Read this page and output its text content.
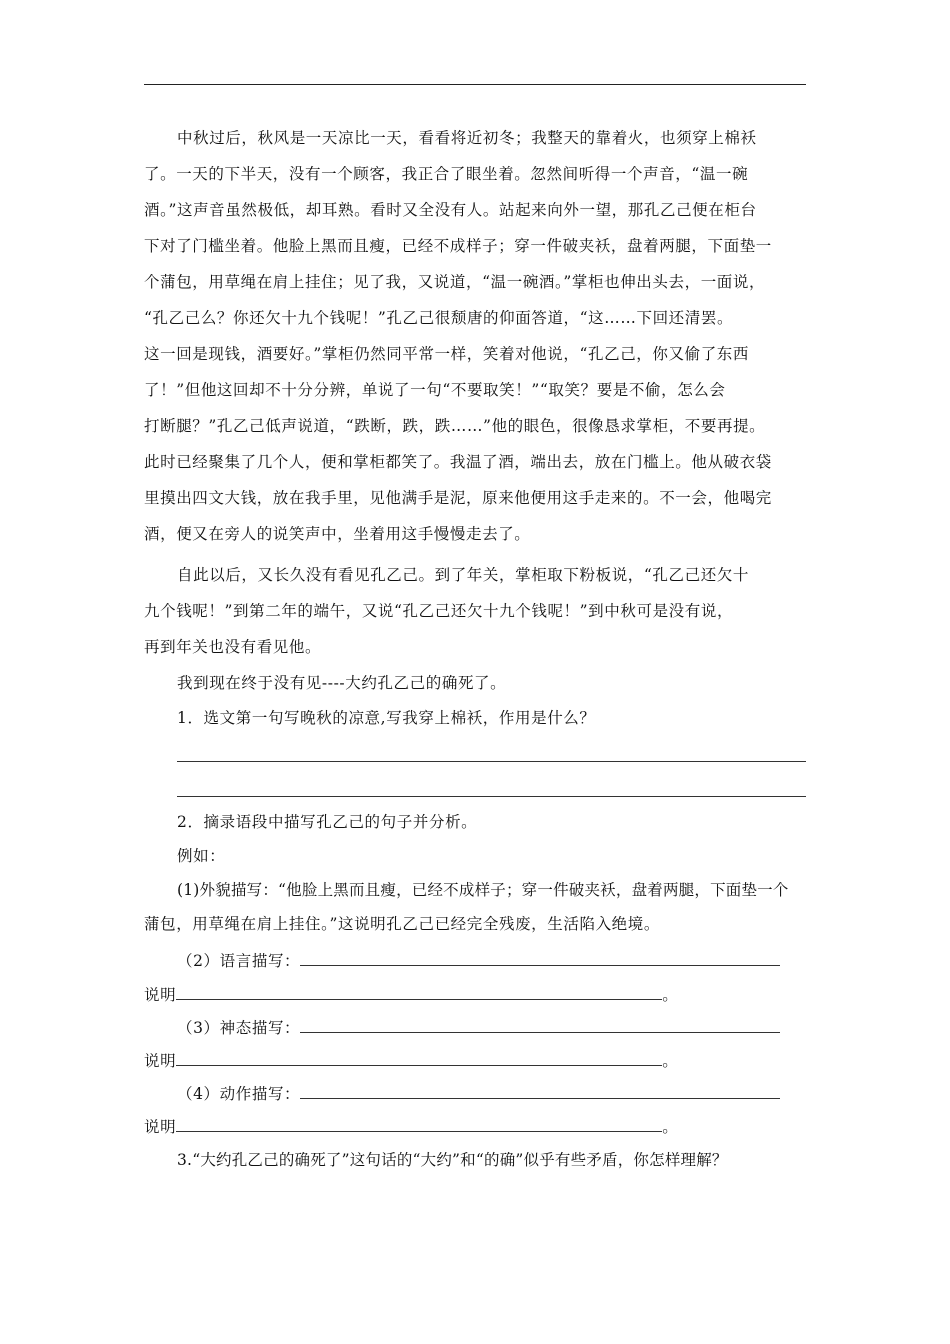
中秋过后，秋风是一天凉比一天，看看将近初冬；我整天的靠着火，也须穿上棉袄
了。一天的下半天，没有一个顾客，我正合了眼坐着。忽然间听得一个声音，“温一碗
酒。”这声音虽然极低，却耳熟。看时又全没有人。站起来向外一望，那孔乙己便在柜台
下对了门槛坐着。他脸上黑而且瘦，已经不成样子；穿一件破夹袄，盘着两腿，下面垫一
个蒲包，用草绳在肩上挂住；见了我，又说道，“温一碗酒。”掌柜也伸出头去，一面说，
“孔乙己么？你还欠十九个钱呢！”孔乙己很颓唐的仰面答道，“这……下回还清罢。
这一回是现钱，酒要好。”掌柜仍然同平常一样，笑着对他说，“孔乙己，你又偷了东西
了！”但他这回却不十分分辨，单说了一句“不要取笑！”“取笑？要是不偷，怎么会
打断腿？”孔乙己低声说道，“跌断，跌，跌……”他的眼色，很像恳求掌柜，不要再提。
此时已经聚集了几个人，便和掌柜都笑了。我温了酒，端出去，放在门槛上。他从破衣袋
里摸出四文大钱，放在我手里，见他满手是泥，原来他便用这手走来的。不一会，他喝完
酒，便又在旁人的说笑声中，坐着用这手慢慢走去了。
自此以后，又长久没有看见孔乙己。到了年关，掌柜取下粉板说，“孔乙己还欠十
九个钱呢！”到第二年的端午，又说“孔乙己还欠十九个钱呢！”到中秋可是没有说，
再到年关也没有看见他。
我到现在终于没有见----大约孔乙己的确死了。
1．选文第一句写晚秋的凉意,写我穿上棉袄，作用是什么？
2．摘录语段中描写孔乙己的句子并分析。
例如：
(1)外貌描写：“他脸上黑而且瘦，已经不成样子；穿一件破夹袄，盘着两腿，下面垫一个
蒲包，用草绳在肩上挂住。”这说明孔乙己已经完全残废，生活陷入绝境。
（2）语言描写：
说明	。
（3）神态描写：
说明	。
（4）动作描写：
说明	。
3.“大约孔乙己的确死了”这句话的“大约”和“的确”似乎有些矛盾，你怎样理解？
